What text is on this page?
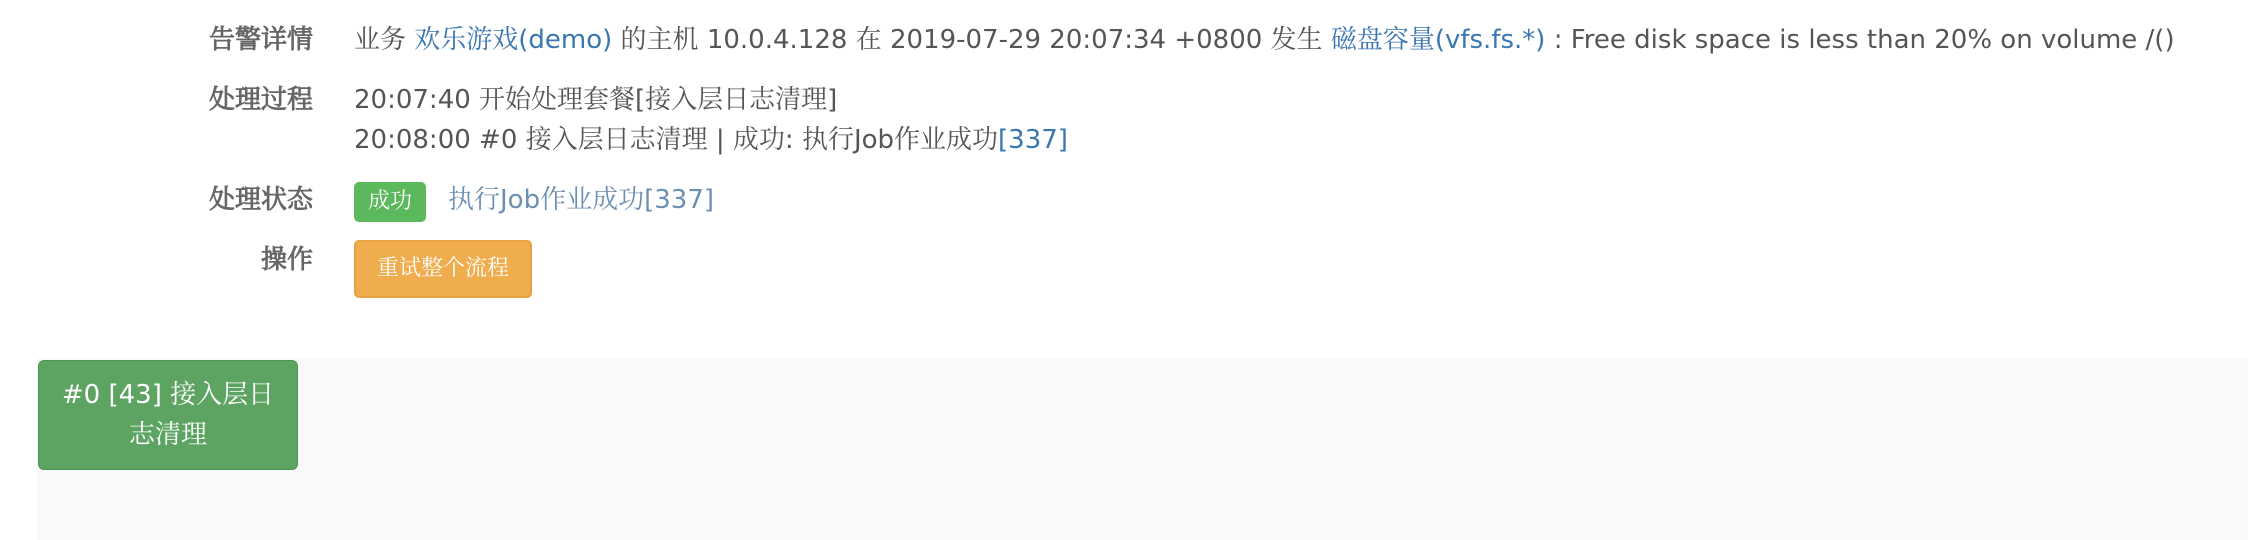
告警详情 业务 欢乐游戏(demo) 的主机 10.0.4.128 在 2019-07-29 20:07:34 +0800 发生 磁盘容量(vfs.fs.*) : Free disk space is less than 20% on volume /()
处理过程 20:07:40 开始处理套餐[接入层日志清理]
20:08:00 #0 接入层日志清理 | 成功: 执行Job作业成功[337]
处理状态	成功	执行Job作业成功[337]
操作	重试整个流程
#0 [43] 接入层日志清理
